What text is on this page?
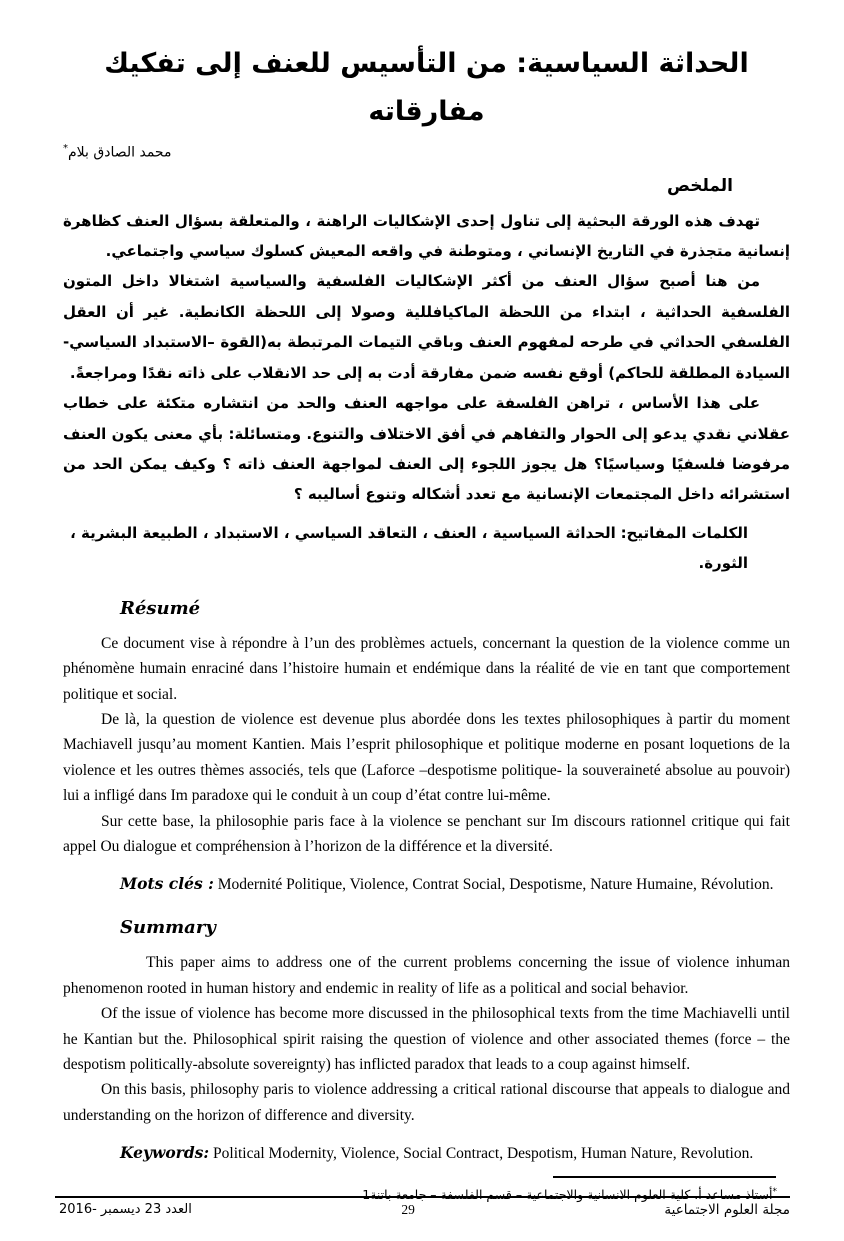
الحداثة السياسية: من التأسيس للعنف إلى تفكيك مفارقاته
محمد الصادق بلام*
الملخص

تهدف هذه الورقة البحثية إلى تناول إحدى الإشكاليات الراهنة ، والمتعلقة بسؤال العنف كظاهرة إنسانية متجذرة في التاريخ الإنساني ، ومتوطنة في واقعه المعيش كسلوك سياسي واجتماعي.

من هنا أصبح سؤال العنف من أكثر الإشكاليات الفلسفية والسياسية اشتغالا داخل المتون الفلسفية الحداثية ، ابتداء من اللحظة الماكيافللية وصولا إلى اللحظة الكانطية. غير أن العقل الفلسفي الحداثي في طرحه لمفهوم العنف وباقي التيمات المرتبطة به(القوة –الاستبداد السياسي- السيادة المطلقة للحاكم) أوقع نفسه ضمن مفارقة أدت به إلى حد الانقلاب على ذاته نقدًا ومراجعةً.

على هذا الأساس ، تراهن الفلسفة على مواجهه العنف والحد من انتشاره متكئة على خطاب عقلاني نقدي يدعو إلى الحوار والتفاهم في أفق الاختلاف والتنوع. ومتسائلة: بأي معنى يكون العنف مرفوضا فلسفيًا وسياسيًا؟ هل يجوز اللجوء إلى العنف لمواجهة العنف ذاته ؟ وكيف يمكن الحد من استشرائه داخل المجتمعات الإنسانية مع تعدد أشكاله وتنوع أساليبه ؟

الكلمات المفاتيح: الحداثة السياسية ، العنف ، التعاقد السياسي ، الاستبداد ، الطبيعة البشرية ، الثورة.

Résumé

Ce document vise à répondre à l’un des problèmes actuels, concernant la question de la violence comme un phénomène humain enraciné dans l’histoire humain et endémique dans la réalité de vie en tant que comportement politique et social.

De là, la question de violence est devenue plus abordée dons les textes philosophiques à partir du moment Machiavell jusqu’au moment Kantien. Mais l’esprit philosophique et politique moderne en posant loquetions de la violence et les outres thèmes associés, tels que (Laforce –despotisme politique- la souveraineté absolue au pouvoir) lui a infligé dans Im paradoxe qui le conduit à un coup d’état contre lui-même.

Sur cette base, la philosophie paris face à la violence se penchant sur Im discours rationnel critique qui fait appel Ou dialogue et compréhension à l’horizon de la différence et la diversité.

Mots clés : Modernité Politique, Violence, Contrat Social, Despotisme, Nature Humaine, Révolution.

Summary

This paper aims to address one of the current problems concerning the issue of violence inhuman phenomenon rooted in human history and endemic in reality of life as a political and social behavior.

Of the issue of violence has become more discussed in the philosophical texts from the time Machiavelli until he Kantian but the. Philosophical spirit raising the question of violence and other associated themes (force – the despotism politically-absolute sovereignty) has inflicted paradox that leads to a coup against himself.

On this basis, philosophy paris to violence addressing a critical rational discourse that appeals to dialogue and understanding on the horizon of difference and diversity.

Keywords: Political Modernity, Violence, Social Contract, Despotism, Human Nature, Revolution.

*أستاذ مساعد أ، كلية العلوم الانسانية والاجتماعية – قسم الفلسفة – جامعة باتنة1

العدد 23 ديسمبر -2016	29	مجلة العلوم الاجتماعية
